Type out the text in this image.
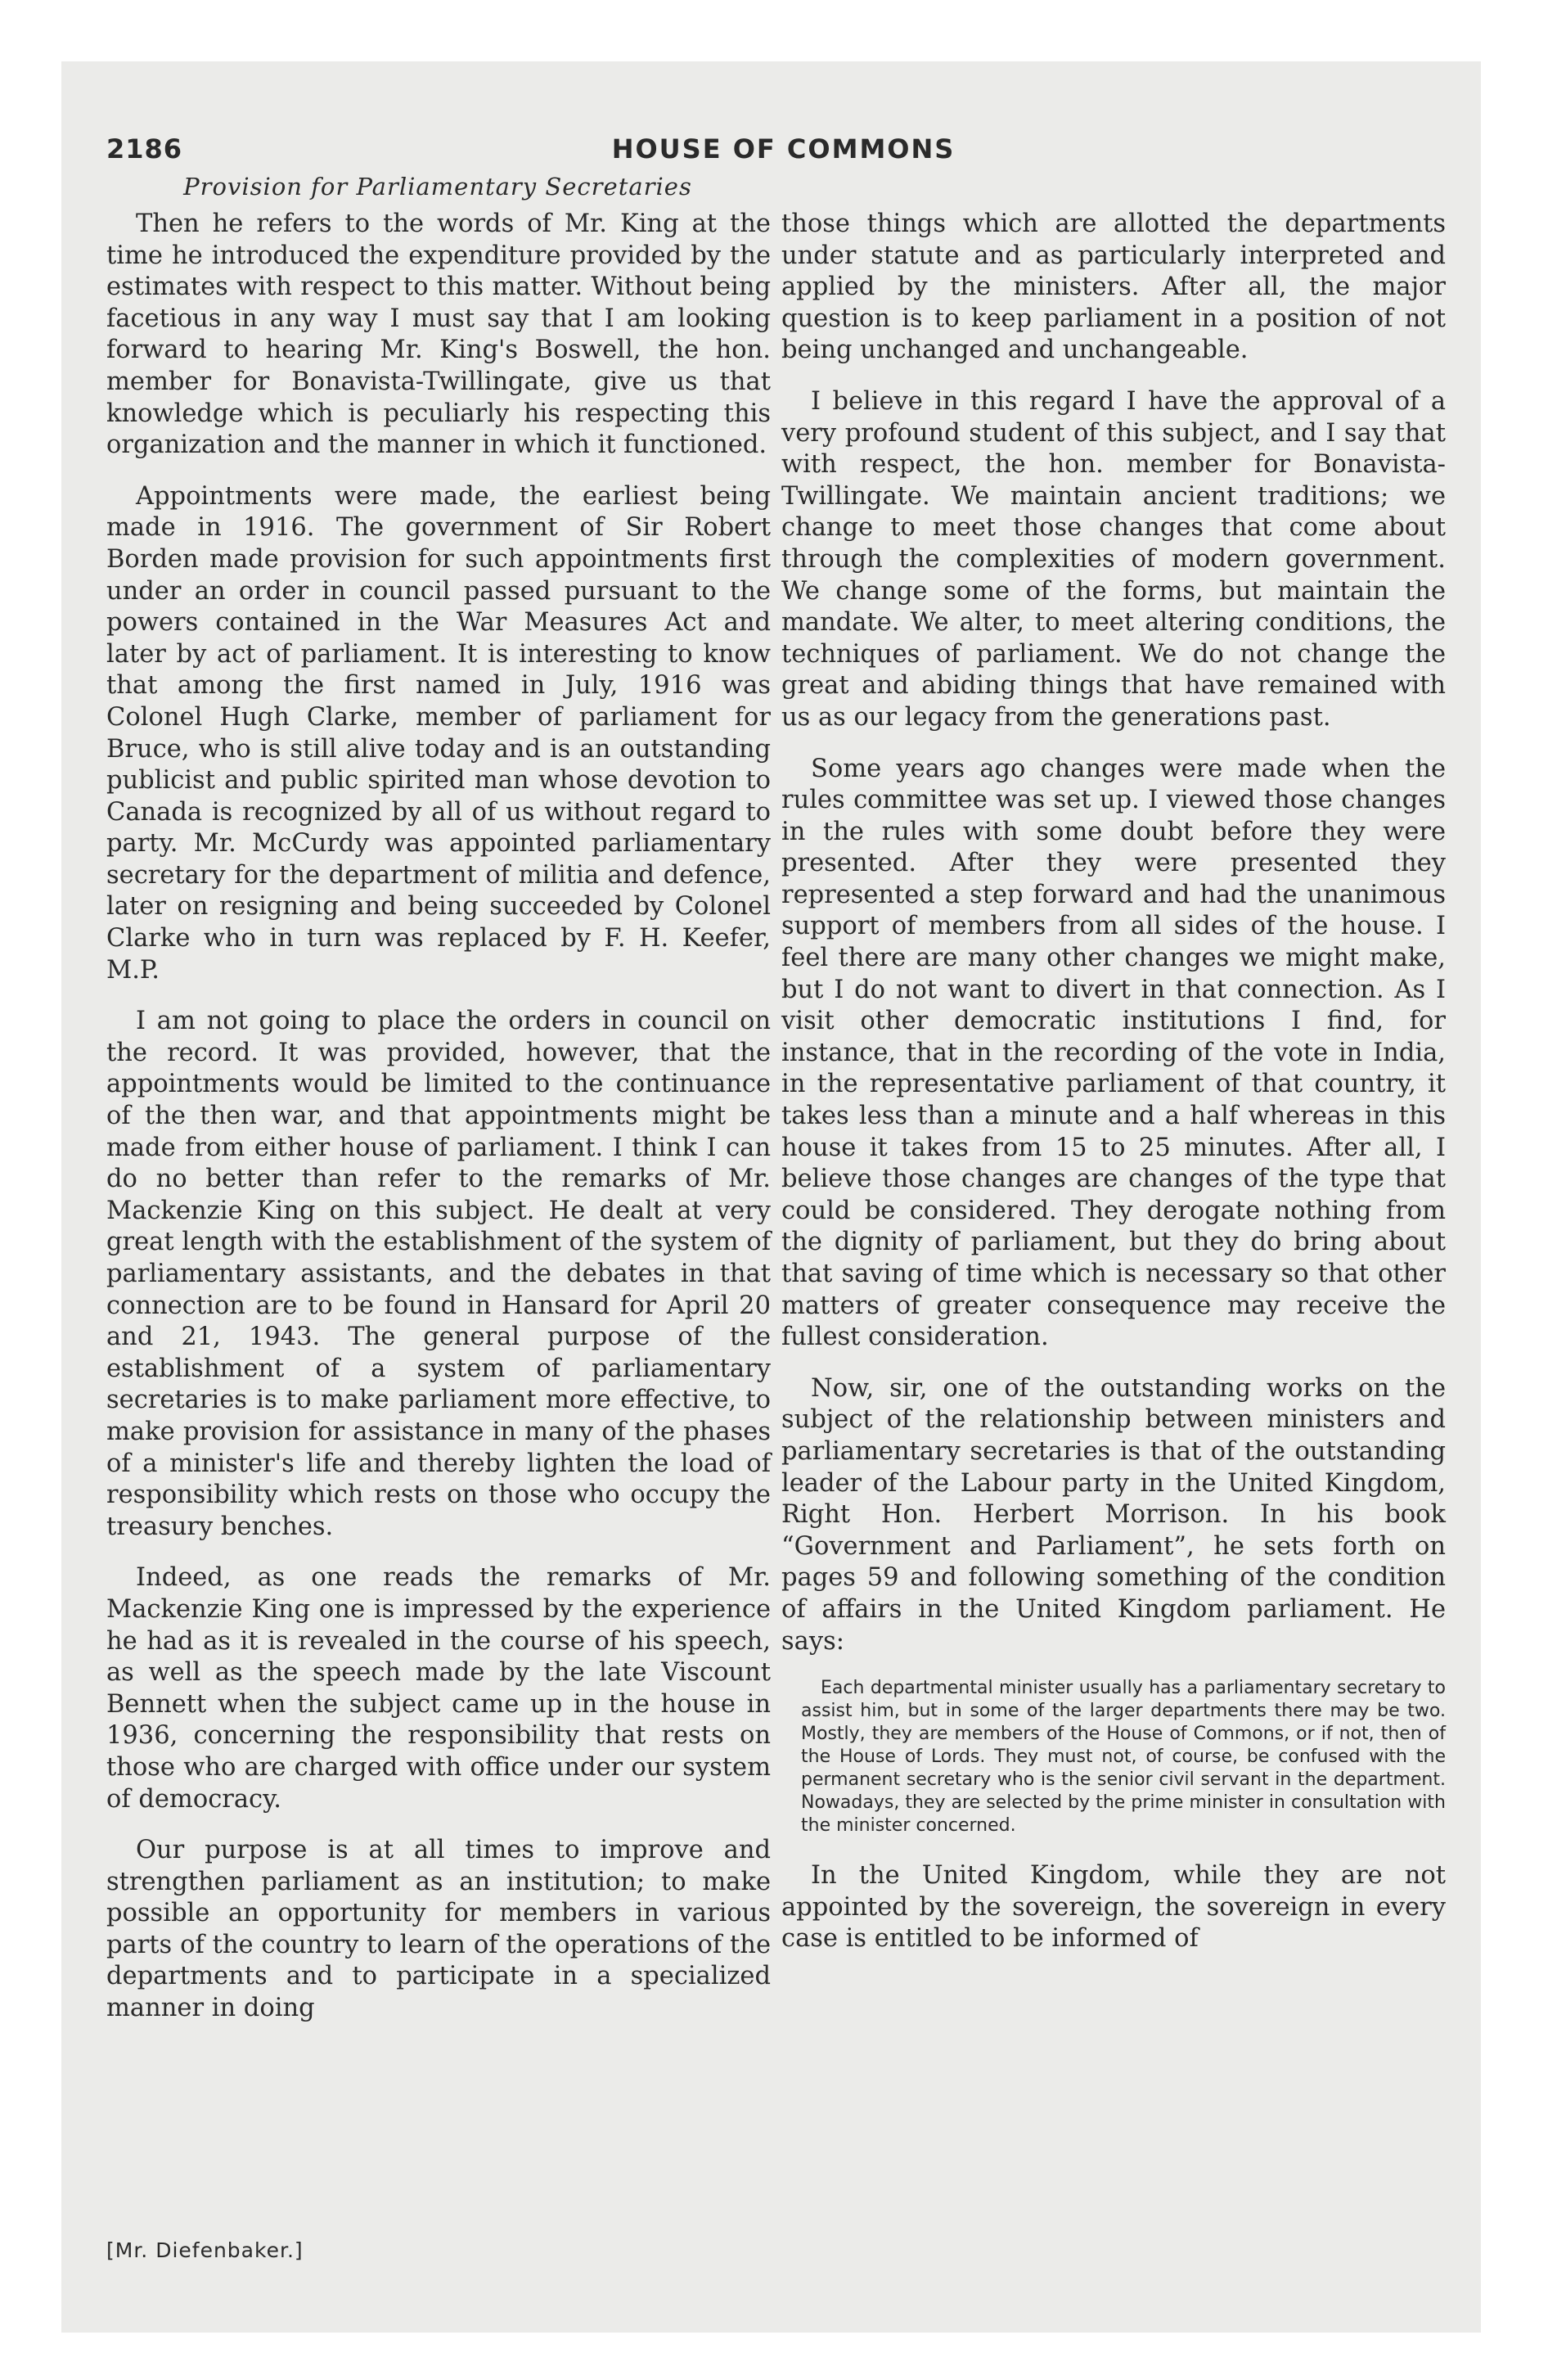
2186	HOUSE OF COMMONS
Provision for Parliamentary Secretaries

Then he refers to the words of Mr. King at the time he introduced the expenditure provided by the estimates with respect to this matter. Without being facetious in any way I must say that I am looking forward to hearing Mr. King's Boswell, the hon. member for Bonavista-Twillingate, give us that knowledge which is peculiarly his respecting this organization and the manner in which it functioned.

Appointments were made, the earliest being made in 1916. The government of Sir Robert Borden made provision for such appointments first under an order in council passed pursuant to the powers contained in the War Measures Act and later by act of parliament. It is interesting to know that among the first named in July, 1916 was Colonel Hugh Clarke, member of parliament for Bruce, who is still alive today and is an outstanding publicist and public spirited man whose devotion to Canada is recognized by all of us without regard to party. Mr. McCurdy was appointed parliamentary secretary for the department of militia and defence, later on resigning and being succeeded by Colonel Clarke who in turn was replaced by F. H. Keefer, M.P.

I am not going to place the orders in council on the record. It was provided, however, that the appointments would be limited to the continuance of the then war, and that appointments might be made from either house of parliament. I think I can do no better than refer to the remarks of Mr. Mackenzie King on this subject. He dealt at very great length with the establishment of the system of parliamentary assistants, and the debates in that connection are to be found in Hansard for April 20 and 21, 1943. The general purpose of the establishment of a system of parliamentary secretaries is to make parliament more effective, to make provision for assistance in many of the phases of a minister's life and thereby lighten the load of responsibility which rests on those who occupy the treasury benches.

Indeed, as one reads the remarks of Mr. Mackenzie King one is impressed by the experience he had as it is revealed in the course of his speech, as well as the speech made by the late Viscount Bennett when the subject came up in the house in 1936, concerning the responsibility that rests on those who are charged with office under our system of democracy.

Our purpose is at all times to improve and strengthen parliament as an institution; to make possible an opportunity for members in various parts of the country to learn of the operations of the departments and to participate in a specialized manner in doing

those things which are allotted the departments under statute and as particularly interpreted and applied by the ministers. After all, the major question is to keep parliament in a position of not being unchanged and unchangeable.

I believe in this regard I have the approval of a very profound student of this subject, and I say that with respect, the hon. member for Bonavista-Twillingate. We maintain ancient traditions; we change to meet those changes that come about through the complexities of modern government. We change some of the forms, but maintain the mandate. We alter, to meet altering conditions, the techniques of parliament. We do not change the great and abiding things that have remained with us as our legacy from the generations past.

Some years ago changes were made when the rules committee was set up. I viewed those changes in the rules with some doubt before they were presented. After they were presented they represented a step forward and had the unanimous support of members from all sides of the house. I feel there are many other changes we might make, but I do not want to divert in that connection. As I visit other democratic institutions I find, for instance, that in the recording of the vote in India, in the representative parliament of that country, it takes less than a minute and a half whereas in this house it takes from 15 to 25 minutes. After all, I believe those changes are changes of the type that could be considered. They derogate nothing from the dignity of parliament, but they do bring about that saving of time which is necessary so that other matters of greater consequence may receive the fullest consideration.

Now, sir, one of the outstanding works on the subject of the relationship between ministers and parliamentary secretaries is that of the outstanding leader of the Labour party in the United Kingdom, Right Hon. Herbert Morrison. In his book “Government and Parliament”, he sets forth on pages 59 and following something of the condition of affairs in the United Kingdom parliament. He says:

Each departmental minister usually has a parliamentary secretary to assist him, but in some of the larger departments there may be two. Mostly, they are members of the House of Commons, or if not, then of the House of Lords. They must not, of course, be confused with the permanent secretary who is the senior civil servant in the department. Nowadays, they are selected by the prime minister in consultation with the minister concerned.

In the United Kingdom, while they are not appointed by the sovereign, the sovereign in every case is entitled to be informed of

[Mr. Diefenbaker.]
